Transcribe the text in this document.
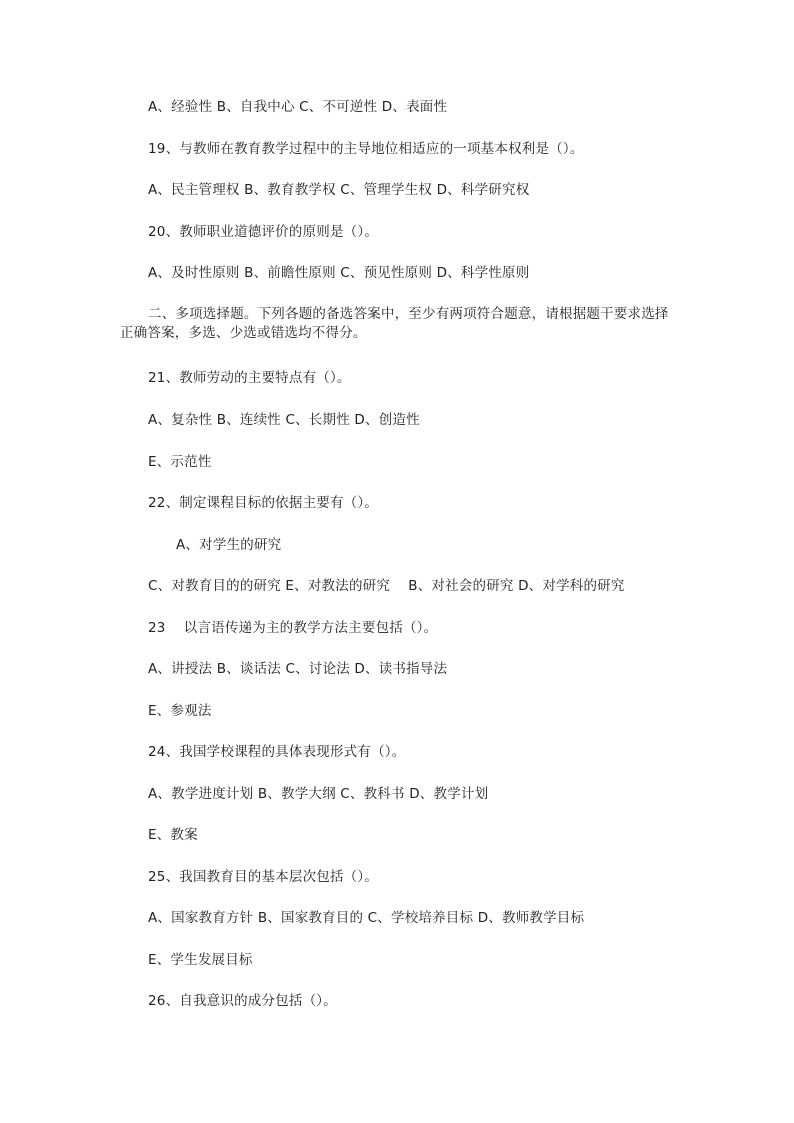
A、经验性 B、自我中心 C、不可逆性 D、表面性
19、与教师在教育教学过程中的主导地位相适应的一项基本权利是（）。
A、民主管理权 B、教育教学权 C、管理学生权 D、科学研究权
20、教师职业道德评价的原则是（）。
A、及时性原则 B、前瞻性原则 C、预见性原则 D、科学性原则
二、多项选择题。下列各题的备选答案中，至少有两项符合题意，请根据题干要求选择正确答案，多选、少选或错选均不得分。
21、教师劳动的主要特点有（）。
A、复杂性 B、连续性 C、长期性 D、创造性
E、示范性
22、制定课程目标的依据主要有（）。
A、对学生的研究
C、对教育目的的研究 E、对教法的研究 　B、对社会的研究 D、对学科的研究
23 　以言语传递为主的教学方法主要包括（）。
A、讲授法 B、谈话法 C、讨论法 D、读书指导法
E、参观法
24、我国学校课程的具体表现形式有（）。
A、教学进度计划 B、教学大纲 C、教科书 D、教学计划
E、教案
25、我国教育目的基本层次包括（）。
A、国家教育方针 B、国家教育目的 C、学校培养目标 D、教师教学目标
E、学生发展目标
26、自我意识的成分包括（）。
